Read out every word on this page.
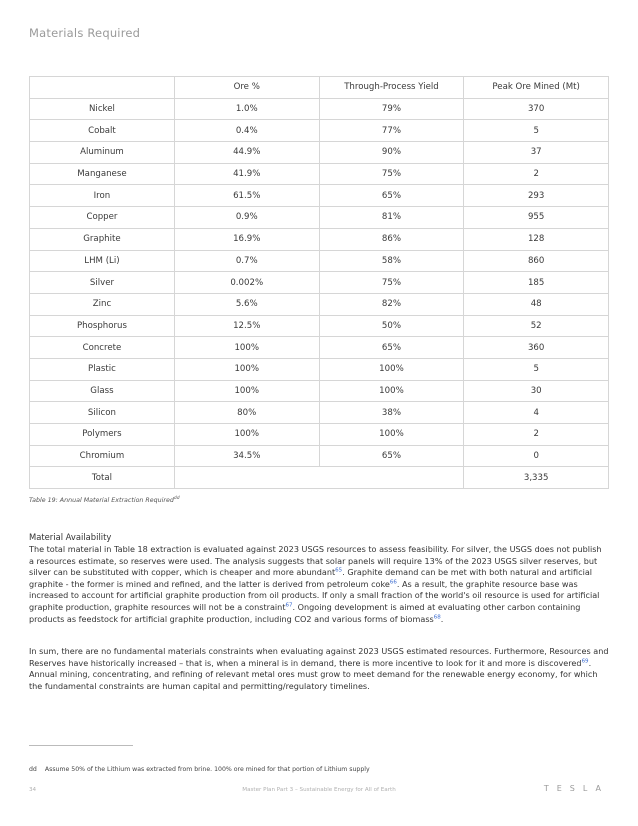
Materials Required
	Ore %	Through-Process Yield	Peak Ore Mined (Mt)
Nickel	1.0%	79%	370
Cobalt	0.4%	77%	5
Aluminum	44.9%	90%	37
Manganese	41.9%	75%	2
Iron	61.5%	65%	293
Copper	0.9%	81%	955
Graphite	16.9%	86%	128
LHM (Li)	0.7%	58%	860
Silver	0.002%	75%	185
Zinc	5.6%	82%	48
Phosphorus	12.5%	50%	52
Concrete	100%	65%	360
Plastic	100%	100%	5
Glass	100%	100%	30
Silicon	80%	38%	4
Polymers	100%	100%	2
Chromium	34.5%	65%	0
Total			3,335
Table 19: Annual Material Extraction Required$^{dd}$
Material Availability

The total material in Table 18 extraction is evaluated against 2023 USGS resources to assess feasibility. For silver, the USGS does not publish a resources estimate, so reserves were used. The analysis suggests that solar panels will require 13% of the 2023 USGS silver reserves, but silver can be substituted with copper, which is cheaper and more abundant$^{65}$. Graphite demand can be met with both natural and artificial graphite - the former is mined and refined, and the latter is derived from petroleum coke$^{66}$. As a result, the graphite resource base was increased to account for artificial graphite production from oil products. If only a small fraction of the world's oil resource is used for artificial graphite production, graphite resources will not be a constraint$^{67}$. Ongoing development is aimed at evaluating other carbon containing products as feedstock for artificial graphite production, including CO2 and various forms of biomass$^{68}$.

In sum, there are no fundamental materials constraints when evaluating against 2023 USGS estimated resources. Furthermore, Resources and Reserves have historically increased – that is, when a mineral is in demand, there is more incentive to look for it and more is discovered$^{69}$. Annual mining, concentrating, and refining of relevant metal ores must grow to meet demand for the renewable energy economy, for which the fundamental constraints are human capital and permitting/regulatory timelines.

dd Assume 50% of the Lithium was extracted from brine. 100% ore mined for that portion of Lithium supply
34	Master Plan Part 3 – Sustainable Energy for All of Earth	TESLA
